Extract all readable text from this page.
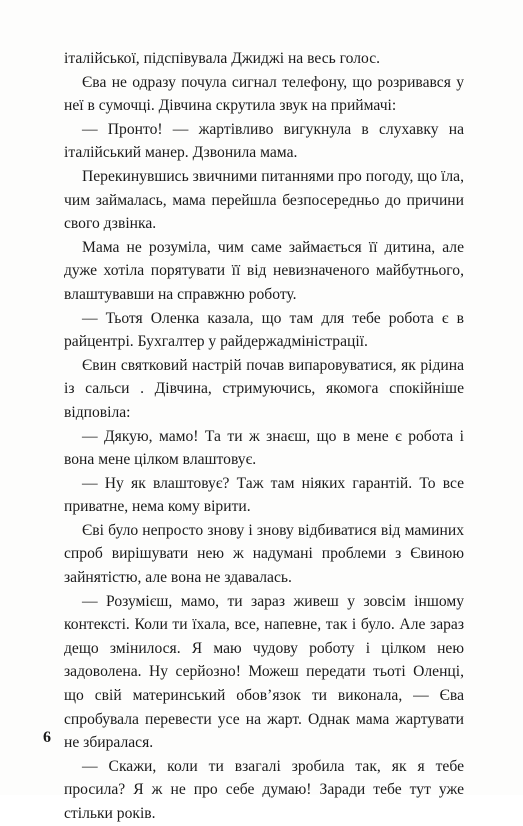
італійської, підспівувала Джиджі на весь голос.

Єва не одразу почула сигнал телефону, що розривався у неї в сумочці. Дівчина скрутила звук на приймачі:

— Пронто! — жартівливо вигукнула в слухавку на італійський манер. Дзвонила мама.

Перекинувшись звичними питаннями про погоду, що їла, чим займалась, мама перейшла безпосередньо до причини свого дзвінка.

Мама не розуміла, чим саме займається її дитина, але дуже хотіла порятувати її від невизначеного майбутнього, влаштувавши на справжню роботу.

— Тьотя Оленка казала, що там для тебе робота є в райцентрі. Бухгалтер у райдержадміністрації.

Євин святковий настрій почав випаровуватися, як рідина із сальси . Дівчина, стримуючись, якомога спокійніше відповіла:

— Дякую, мамо! Та ти ж знаєш, що в мене є робота і вона мене цілком влаштовує.

— Ну як влаштовує? Таж там ніяких гарантій. То все приватне, нема кому вірити.

Єві було непросто знову і знову відбиватися від маминих спроб вирішувати нею ж надумані проблеми з Євиною зайнятістю, але вона не здавалась.

— Розумієш, мамо, ти зараз живеш у зовсім іншому контексті. Коли ти їхала, все, напевне, так і було. Але зараз дещо змінилося. Я маю чудову роботу і цілком нею задоволена. Ну серйозно! Можеш передати тьоті Оленці, що свій материнський обов’язок ти виконала, — Єва спробувала перевести усе на жарт. Однак мама жартувати не збиралася.

— Скажи, коли ти взагалі зробила так, як я тебе просила? Я ж не про себе думаю! Заради тебе тут уже стільки років.

6
